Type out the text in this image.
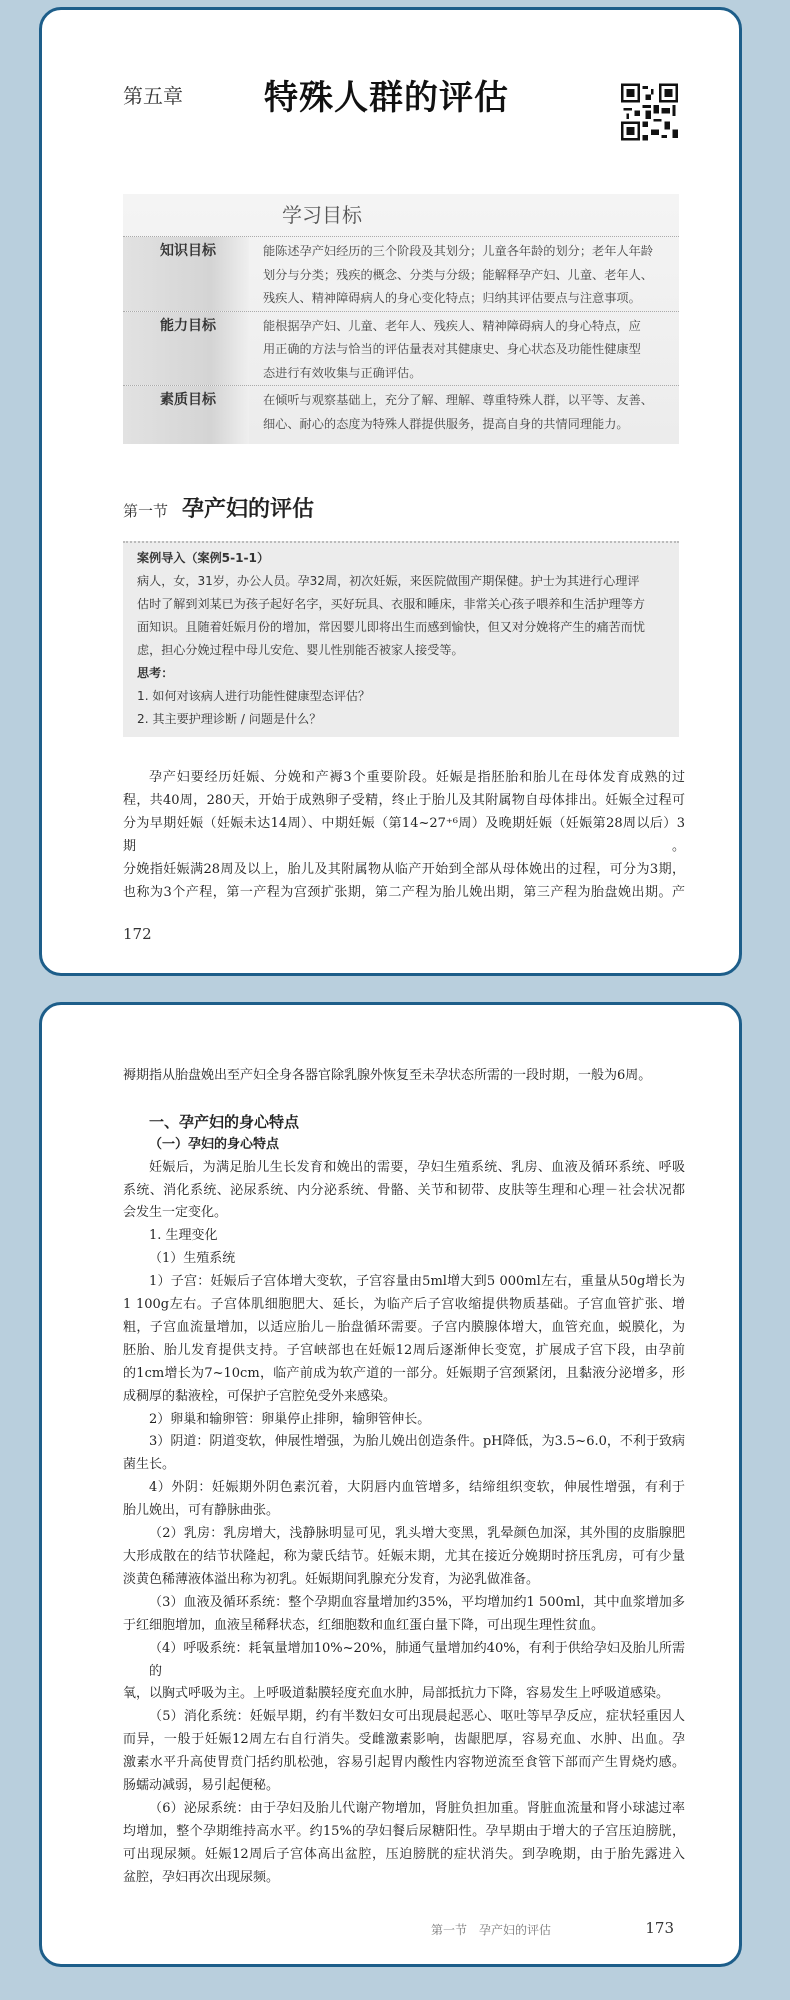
第五章 特殊人群的评估
学习目标
知识目标	能陈述孕产妇经历的三个阶段及其划分；儿童各年龄的划分；老年人年龄
划分与分类；残疾的概念、分类与分级；能解释孕产妇、儿童、老年人、
残疾人、精神障碍病人的身心变化特点；归纳其评估要点与注意事项。
能力目标	能根据孕产妇、儿童、老年人、残疾人、精神障碍病人的身心特点，应
用正确的方法与恰当的评估量表对其健康史、身心状态及功能性健康型
态进行有效收集与正确评估。
素质目标	在倾听与观察基础上，充分了解、理解、尊重特殊人群，以平等、友善、
细心、耐心的态度为特殊人群提供服务，提高自身的共情同理能力。
第一节 孕产妇的评估
案例导入（案例5-1-1）
病人，女，31岁，办公人员。孕32周，初次妊娠，来医院做围产期保健。护士为其进行心理评
估时了解到刘某已为孩子起好名字，买好玩具、衣服和睡床，非常关心孩子喂养和生活护理等方
面知识。且随着妊娠月份的增加，常因婴儿即将出生而感到愉快，但又对分娩将产生的痛苦而忧
虑，担心分娩过程中母儿安危、婴儿性别能否被家人接受等。
思考：
1. 如何对该病人进行功能性健康型态评估？
2. 其主要护理诊断 / 问题是什么？
孕产妇要经历妊娠、分娩和产褥3个重要阶段。妊娠是指胚胎和胎儿在母体发育成熟的过
程，共40周，280天，开始于成熟卵子受精，终止于胎儿及其附属物自母体排出。妊娠全过程可
分为早期妊娠（妊娠未达14周）、中期妊娠（第14~27⁺⁶周）及晚期妊娠（妊娠第28周以后）3期。
分娩指妊娠满28周及以上，胎儿及其附属物从临产开始到全部从母体娩出的过程，可分为3期，
也称为3个产程，第一产程为宫颈扩张期，第二产程为胎儿娩出期，第三产程为胎盘娩出期。产
172
褥期指从胎盘娩出至产妇全身各器官除乳腺外恢复至未孕状态所需的一段时期，一般为6周。
一、孕产妇的身心特点
（一）孕妇的身心特点
妊娠后，为满足胎儿生长发育和娩出的需要，孕妇生殖系统、乳房、血液及循环系统、呼吸
系统、消化系统、泌尿系统、内分泌系统、骨骼、关节和韧带、皮肤等生理和心理－社会状况都
会发生一定变化。
1. 生理变化
（1）生殖系统
1）子宫：妊娠后子宫体增大变软，子宫容量由5ml增大到5 000ml左右，重量从50g增长为
1 100g左右。子宫体肌细胞肥大、延长，为临产后子宫收缩提供物质基础。子宫血管扩张、增
粗，子宫血流量增加，以适应胎儿－胎盘循环需要。子宫内膜腺体增大，血管充血，蜕膜化，为
胚胎、胎儿发育提供支持。子宫峡部也在妊娠12周后逐渐伸长变宽，扩展成子宫下段，由孕前
的1cm增长为7~10cm，临产前成为软产道的一部分。妊娠期子宫颈紧闭，且黏液分泌增多，形
成稠厚的黏液栓，可保护子宫腔免受外来感染。
2）卵巢和输卵管：卵巢停止排卵，输卵管伸长。
3）阴道：阴道变软，伸展性增强，为胎儿娩出创造条件。pH降低，为3.5~6.0，不利于致病
菌生长。
4）外阴：妊娠期外阴色素沉着，大阴唇内血管增多，结缔组织变软，伸展性增强，有利于
胎儿娩出，可有静脉曲张。
（2）乳房：乳房增大，浅静脉明显可见，乳头增大变黑，乳晕颜色加深，其外围的皮脂腺肥
大形成散在的结节状隆起，称为蒙氏结节。妊娠末期，尤其在接近分娩期时挤压乳房，可有少量
淡黄色稀薄液体溢出称为初乳。妊娠期间乳腺充分发育，为泌乳做准备。
（3）血液及循环系统：整个孕期血容量增加约35%，平均增加约1 500ml，其中血浆增加多
于红细胞增加，血液呈稀释状态，红细胞数和血红蛋白量下降，可出现生理性贫血。
（4）呼吸系统：耗氧量增加10%~20%，肺通气量增加约40%，有利于供给孕妇及胎儿所需的
氧，以胸式呼吸为主。上呼吸道黏膜轻度充血水肿，局部抵抗力下降，容易发生上呼吸道感染。
（5）消化系统：妊娠早期，约有半数妇女可出现晨起恶心、呕吐等早孕反应，症状轻重因人
而异，一般于妊娠12周左右自行消失。受雌激素影响，齿龈肥厚，容易充血、水肿、出血。孕
激素水平升高使胃贲门括约肌松弛，容易引起胃内酸性内容物逆流至食管下部而产生胃烧灼感。
肠蠕动减弱，易引起便秘。
（6）泌尿系统：由于孕妇及胎儿代谢产物增加，肾脏负担加重。肾脏血流量和肾小球滤过率
均增加，整个孕期维持高水平。约15%的孕妇餐后尿糖阳性。孕早期由于增大的子宫压迫膀胱，
可出现尿频。妊娠12周后子宫体高出盆腔，压迫膀胱的症状消失。到孕晚期，由于胎先露进入
盆腔，孕妇再次出现尿频。
第一节　孕产妇的评估	173
